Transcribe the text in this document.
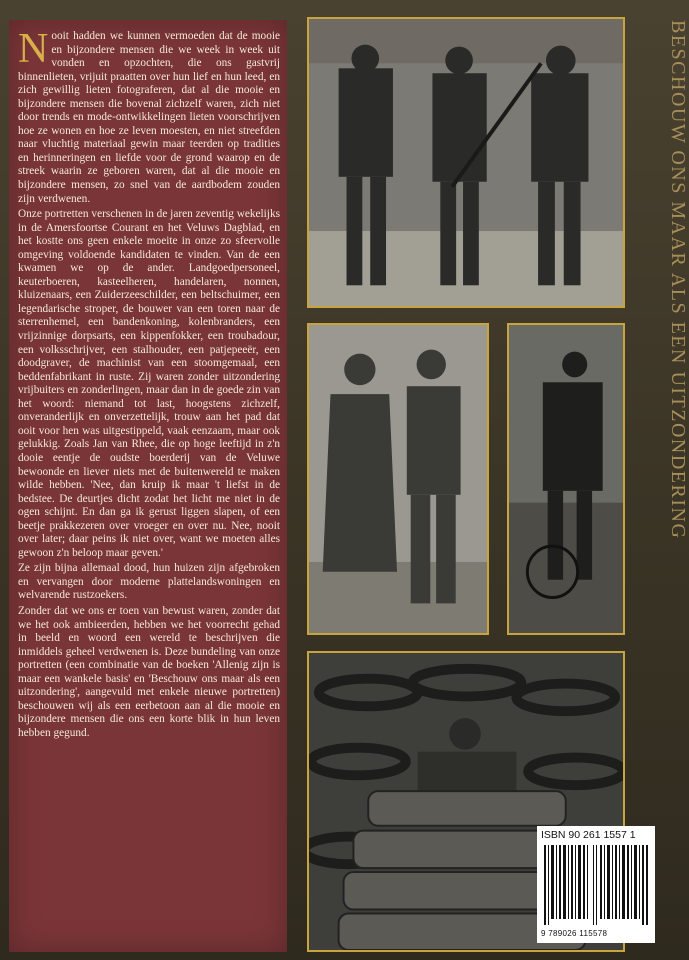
Nooit hadden we kunnen vermoeden dat de mooie en bijzondere mensen die we week in week uit vonden en opzochten, die ons gastvrij binnenlieten, vrijuit praatten over hun lief en hun leed, en zich gewillig lieten fotograferen, dat al die mooie en bijzondere mensen die bovenal zichzelf waren, zich niet door trends en mode-ontwikkelingen lieten voorschrijven hoe ze wonen en hoe ze leven moesten, en niet streefden naar vluchtig materiaal gewin maar teerden op tradities en herinneringen en liefde voor de grond waarop en de streek waarin ze geboren waren, dat al die mooie en bijzondere mensen, zo snel van de aardbodem zouden zijn verdwenen.

Onze portretten verschenen in de jaren zeventig wekelijks in de Amersfoortse Courant en het Veluws Dagblad, en het kostte ons geen enkele moeite in onze zo sfeervolle omgeving voldoende kandidaten te vinden. Van de een kwamen we op de ander. Landgoedpersoneel, keuterboeren, kasteelheren, handelaren, nonnen, kluizenaars, een Zuiderzeeschilder, een beltschuimer, een legendarische stroper, de bouwer van een toren naar de sterrenhemel, een bandenkoning, kolenbranders, een vrijzinnige dorpsarts, een kippenfokker, een troubadour, een volksschrijver, een stalhouder, een patjepeeër, een doodgraver, de machinist van een stoomgemaal, een beddenfabrikant in ruste. Zij waren zonder uitzondering vrijbuiters en zonderlingen, maar dan in de goede zin van het woord: niemand tot last, hoogstens zichzelf, onveranderlijk en onverzettelijk, trouw aan het pad dat ooit voor hen was uitgestippeld, vaak eenzaam, maar ook gelukkig. Zoals Jan van Rhee, die op hoge leeftijd in z'n dooie eentje de oudste boerderij van de Veluwe bewoonde en liever niets met de buitenwereld te maken wilde hebben. 'Nee, dan kruip ik maar 't liefst in de bedstee. De deurtjes dicht zodat het licht me niet in de ogen schijnt. En dan ga ik gerust liggen slapen, of een beetje prakkezeren over vroeger en over nu. Nee, nooit over later; daar peins ik niet over, want we moeten alles gewoon z'n beloop maar geven.'

Ze zijn bijna allemaal dood, hun huizen zijn afgebroken en vervangen door moderne plattelandswoningen en welvarende rustzoekers.

Zonder dat we ons er toen van bewust waren, zonder dat we het ook ambieerden, hebben we het voorrecht gehad in beeld en woord een wereld te beschrijven die inmiddels geheel verdwenen is. Deze bundeling van onze portretten (een combinatie van de boeken 'Allenig zijn is maar een wankele basis' en 'Beschouw ons maar als een uitzondering', aangevuld met enkele nieuwe portretten) beschouwen wij als een eerbetoon aan al die mooie en bijzondere mensen die ons een korte blik in hun leven hebben gegund.

BESCHOUW ONS MAAR ALS EEN UITZONDERING
ISBN 90 261 1557 1
9 789026 115578
